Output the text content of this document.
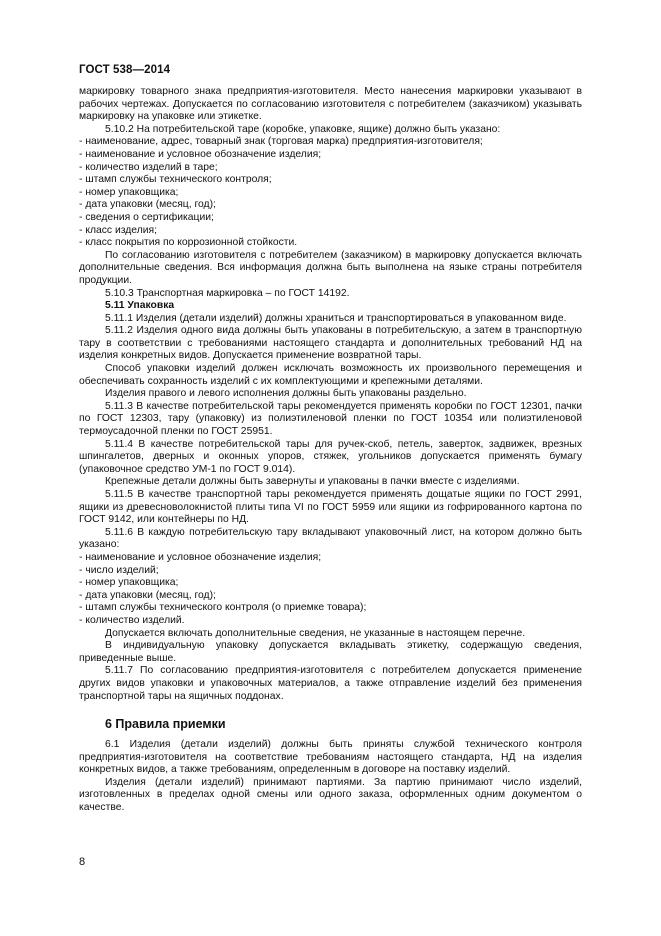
ГОСТ 538—2014

маркировку товарного знака предприятия-изготовителя. Место нанесения маркировки указывают в рабочих чертежах. Допускается по согласованию изготовителя с потребителем (заказчиком) указывать маркировку на упаковке или этикетке.

5.10.2 На потребительской таре (коробке, упаковке, ящике) должно быть указано:

- наименование, адрес, товарный знак (торговая марка) предприятия-изготовителя;

- наименование и условное обозначение изделия;

- количество изделий в таре;

- штамп службы технического контроля;

- номер упаковщика;

- дата упаковки (месяц, год);

- сведения о сертификации;

- класс изделия;

- класс покрытия по коррозионной стойкости.

По согласованию изготовителя с потребителем (заказчиком) в маркировку допускается включать дополнительные сведения. Вся информация должна быть выполнена на языке страны потребителя продукции.

5.10.3 Транспортная маркировка – по ГОСТ 14192.

5.11 Упаковка

5.11.1 Изделия (детали изделий) должны храниться и транспортироваться в упакованном виде.

5.11.2 Изделия одного вида должны быть упакованы в потребительскую, а затем в транспортную тару в соответствии с требованиями настоящего стандарта и дополнительных требований НД на изделия конкретных видов. Допускается применение возвратной тары.

Способ упаковки изделий должен исключать возможность их произвольного перемещения и обеспечивать сохранность изделий с их комплектующими и крепежными деталями.

Изделия правого и левого исполнения должны быть упакованы раздельно.

5.11.3 В качестве потребительской тары рекомендуется применять коробки по ГОСТ 12301, пачки по ГОСТ 12303, тару (упаковку) из полиэтиленовой пленки по ГОСТ 10354 или полиэтиленовой термоусадочной пленки по ГОСТ 25951.

5.11.4 В качестве потребительской тары для ручек-скоб, петель, заверток, задвижек, врезных шпингалетов, дверных и оконных упоров, стяжек, угольников допускается применять бумагу (упаковочное средство УМ-1 по ГОСТ 9.014).

Крепежные детали должны быть завернуты и упакованы в пачки вместе с изделиями.

5.11.5 В качестве транспортной тары рекомендуется применять дощатые ящики по ГОСТ 2991, ящики из древесноволокнистой плиты типа VI по ГОСТ 5959 или ящики из гофрированного картона по ГОСТ 9142, или контейнеры по НД.

5.11.6 В каждую потребительскую тару вкладывают упаковочный лист, на котором должно быть указано:

- наименование и условное обозначение изделия;

- число изделий;

- номер упаковщика;

- дата упаковки (месяц, год);

- штамп службы технического контроля (о приемке товара);

- количество изделий.

Допускается включать дополнительные сведения, не указанные в настоящем перечне.

В индивидуальную упаковку допускается вкладывать этикетку, содержащую сведения, приведенные выше.

5.11.7 По согласованию предприятия-изготовителя с потребителем допускается применение других видов упаковки и упаковочных материалов, а также отправление изделий без применения транспортной тары на ящичных поддонах.

6 Правила приемки

6.1 Изделия (детали изделий) должны быть приняты службой технического контроля предприятия-изготовителя на соответствие требованиям настоящего стандарта, НД на изделия конкретных видов, а также требованиям, определенным в договоре на поставку изделий.

Изделия (детали изделий) принимают партиями. За партию принимают число изделий, изготовленных в пределах одной смены или одного заказа, оформленных одним документом о качестве.

8
